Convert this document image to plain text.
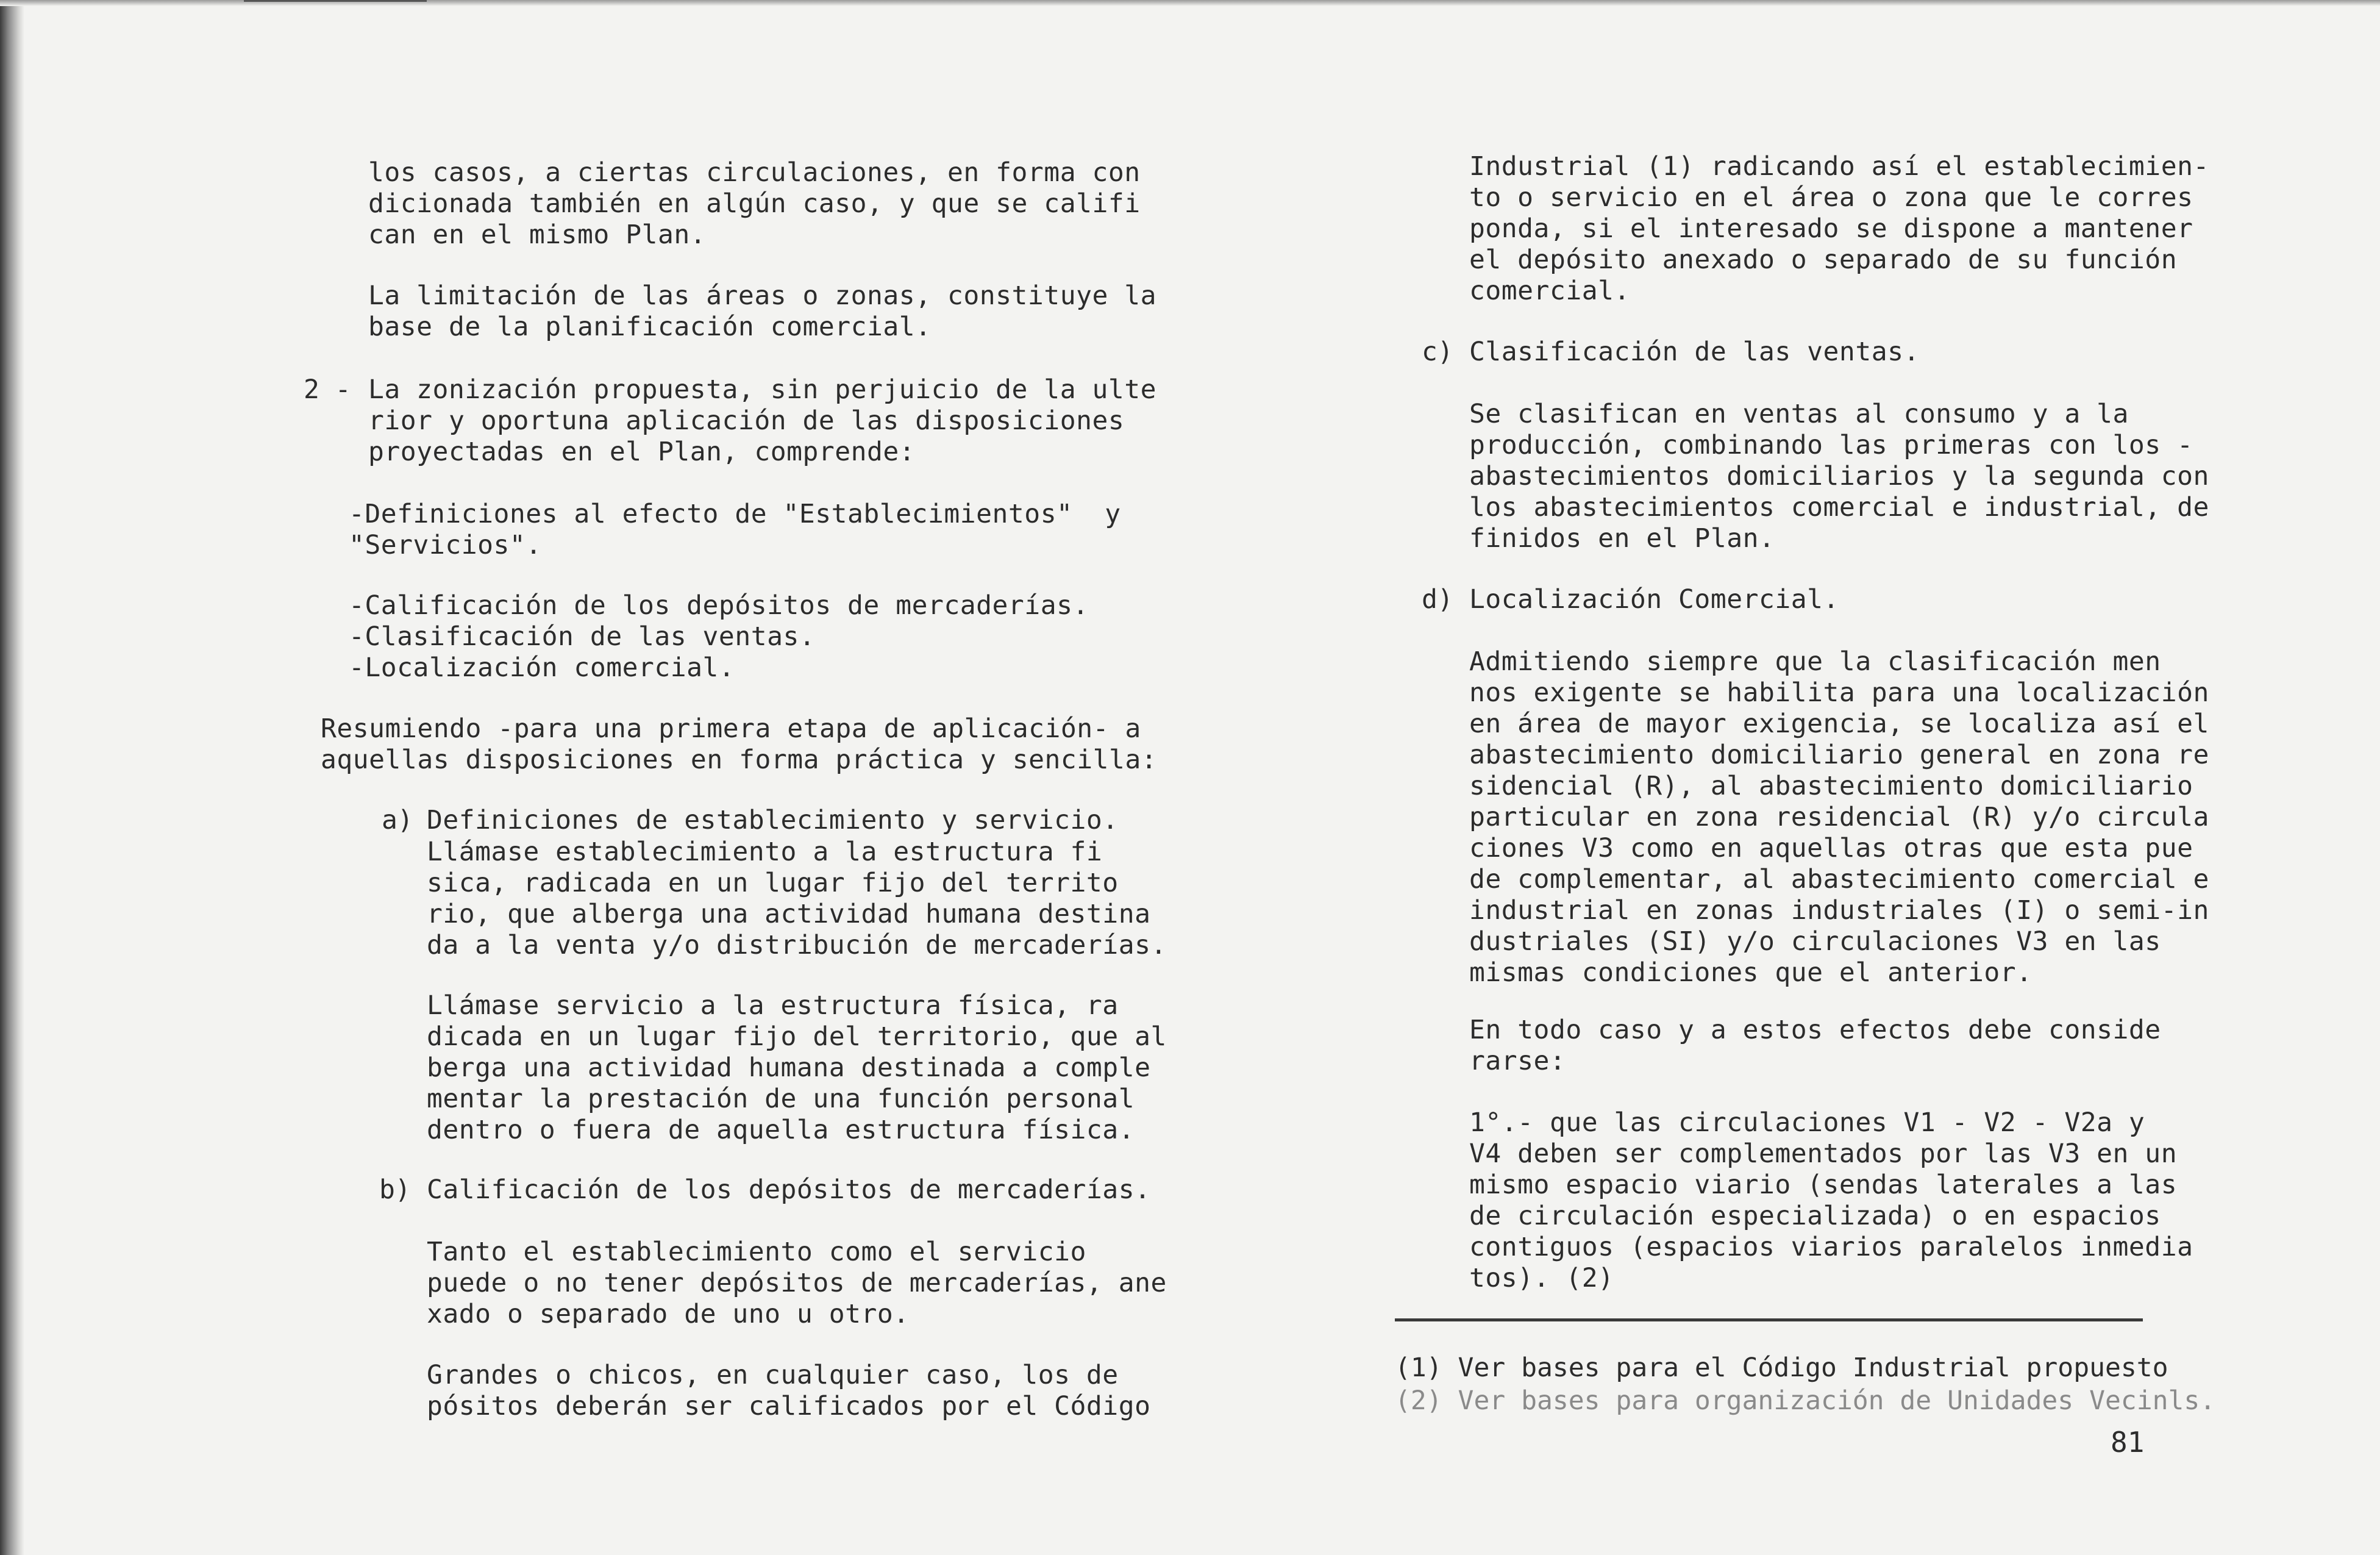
los casos, a ciertas circulaciones, en forma con
dicionada también en algún caso, y que se califi
can en el mismo Plan.
La limitación de las áreas o zonas, constituye la
base de la planificación comercial.
2 - La zonización propuesta, sin perjuicio de la ulte
rior y oportuna aplicación de las disposiciones
proyectadas en el Plan, comprende:
-Definiciones al efecto de "Establecimientos"  y
"Servicios".
-Calificación de los depósitos de mercaderías.
-Clasificación de las ventas.
-Localización comercial.
Resumiendo -para una primera etapa de aplicación- a
aquellas disposiciones en forma práctica y sencilla:
a) Definiciones de establecimiento y servicio.
Llámase establecimiento a la estructura fi
sica, radicada en un lugar fijo del territo
rio, que alberga una actividad humana destina
da a la venta y/o distribución de mercaderías.
Llámase servicio a la estructura física, ra
dicada en un lugar fijo del territorio, que al
berga una actividad humana destinada a comple
mentar la prestación de una función personal
dentro o fuera de aquella estructura física.
b) Calificación de los depósitos de mercaderías.
Tanto el establecimiento como el servicio
puede o no tener depósitos de mercaderías, ane
xado o separado de uno u otro.
Grandes o chicos, en cualquier caso, los de
pósitos deberán ser calificados por el Código
Industrial (1) radicando así el establecimien-
to o servicio en el área o zona que le corres
ponda, si el interesado se dispone a mantener
el depósito anexado o separado de su función
comercial.
c) Clasificación de las ventas.
Se clasifican en ventas al consumo y a la
producción, combinando las primeras con los -
abastecimientos domiciliarios y la segunda con
los abastecimientos comercial e industrial, de
finidos en el Plan.
d) Localización Comercial.
Admitiendo siempre que la clasificación men
nos exigente se habilita para una localización
en área de mayor exigencia, se localiza así el
abastecimiento domiciliario general en zona re
sidencial (R), al abastecimiento domiciliario
particular en zona residencial (R) y/o circula
ciones V3 como en aquellas otras que esta pue
de complementar, al abastecimiento comercial e
industrial en zonas industriales (I) o semi-in
dustriales (SI) y/o circulaciones V3 en las
mismas condiciones que el anterior.
En todo caso y a estos efectos debe conside
rarse:
1°.- que las circulaciones V1 - V2 - V2a y
V4 deben ser complementados por las V3 en un
mismo espacio viario (sendas laterales a las
de circulación especializada) o en espacios
contiguos (espacios viarios paralelos inmedia
tos). (2)
(1) Ver bases para el Código Industrial propuesto
(2) Ver bases para organización de Unidades Vecinls.
81
